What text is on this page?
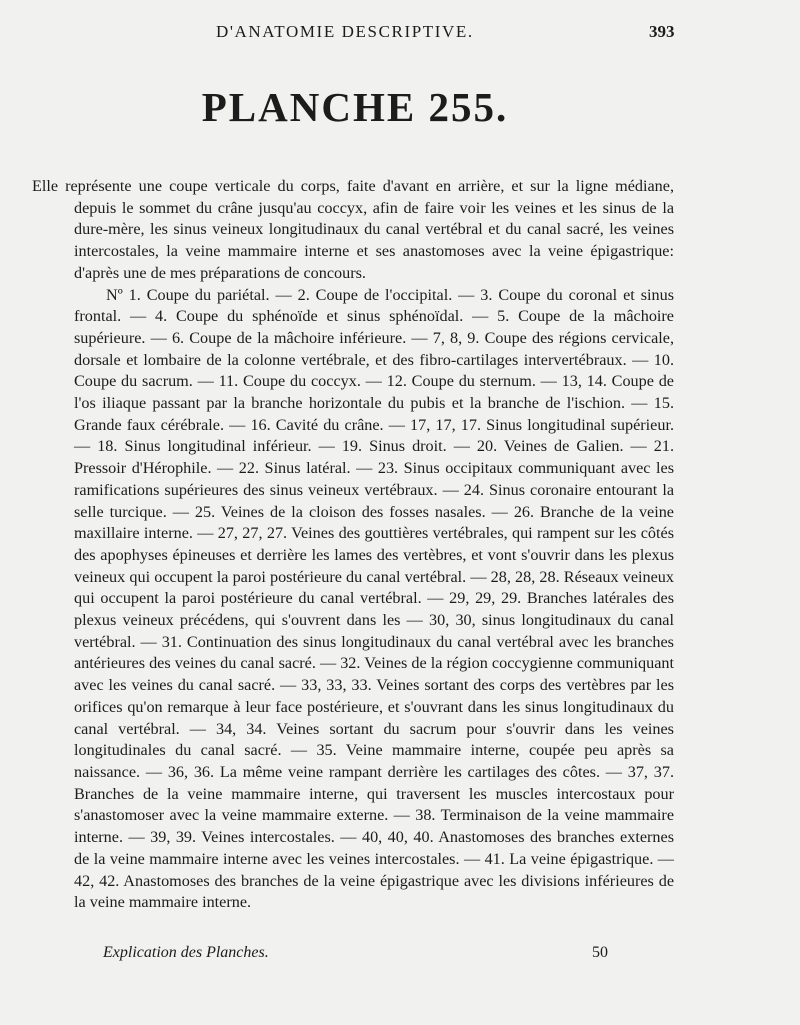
D'ANATOMIE DESCRIPTIVE.	393
PLANCHE 255.

Elle représente une coupe verticale du corps, faite d'avant en arrière, et sur la ligne médiane, depuis le sommet du crâne jusqu'au coccyx, afin de faire voir les veines et les sinus de la dure-mère, les sinus veineux longitudinaux du canal vertébral et du canal sacré, les veines intercostales, la veine mammaire interne et ses anastomoses avec la veine épigastrique: d'après une de mes préparations de concours.

Nº 1. Coupe du pariétal. — 2. Coupe de l'occipital. — 3. Coupe du coronal et sinus frontal. — 4. Coupe du sphénoïde et sinus sphénoïdal. — 5. Coupe de la mâchoire supérieure. — 6. Coupe de la mâchoire inférieure. — 7, 8, 9. Coupe des régions cervicale, dorsale et lombaire de la colonne vertébrale, et des fibro-cartilages intervertébraux. — 10. Coupe du sacrum. — 11. Coupe du coccyx. — 12. Coupe du sternum. — 13, 14. Coupe de l'os iliaque passant par la branche horizontale du pubis et la branche de l'ischion. — 15. Grande faux cérébrale. — 16. Cavité du crâne. — 17, 17, 17. Sinus longitudinal supérieur. — 18. Sinus longitudinal inférieur. — 19. Sinus droit. — 20. Veines de Galien. — 21. Pressoir d'Hérophile. — 22. Sinus latéral. — 23. Sinus occipitaux communiquant avec les ramifications supérieures des sinus veineux vertébraux. — 24. Sinus coronaire entourant la selle turcique. — 25. Veines de la cloison des fosses nasales. — 26. Branche de la veine maxillaire interne. — 27, 27, 27. Veines des gouttières vertébrales, qui rampent sur les côtés des apophyses épineuses et derrière les lames des vertèbres, et vont s'ouvrir dans les plexus veineux qui occupent la paroi postérieure du canal vertébral. — 28, 28, 28. Réseaux veineux qui occupent la paroi postérieure du canal vertébral. — 29, 29, 29. Branches latérales des plexus veineux précédens, qui s'ouvrent dans les — 30, 30, sinus longitudinaux du canal vertébral. — 31. Continuation des sinus longitudinaux du canal vertébral avec les branches antérieures des veines du canal sacré. — 32. Veines de la région coccygienne communiquant avec les veines du canal sacré. — 33, 33, 33. Veines sortant des corps des vertèbres par les orifices qu'on remarque à leur face postérieure, et s'ouvrant dans les sinus longitudinaux du canal vertébral. — 34, 34. Veines sortant du sacrum pour s'ouvrir dans les veines longitudinales du canal sacré. — 35. Veine mammaire interne, coupée peu après sa naissance. — 36, 36. La même veine rampant derrière les cartilages des côtes. — 37, 37. Branches de la veine mammaire interne, qui traversent les muscles intercostaux pour s'anastomoser avec la veine mammaire externe. — 38. Terminaison de la veine mammaire interne. — 39, 39. Veines intercostales. — 40, 40, 40. Anastomoses des branches externes de la veine mammaire interne avec les veines intercostales. — 41. La veine épigastrique. — 42, 42. Anastomoses des branches de la veine épigastrique avec les divisions inférieures de la veine mammaire interne.

Explication des Planches.	50
